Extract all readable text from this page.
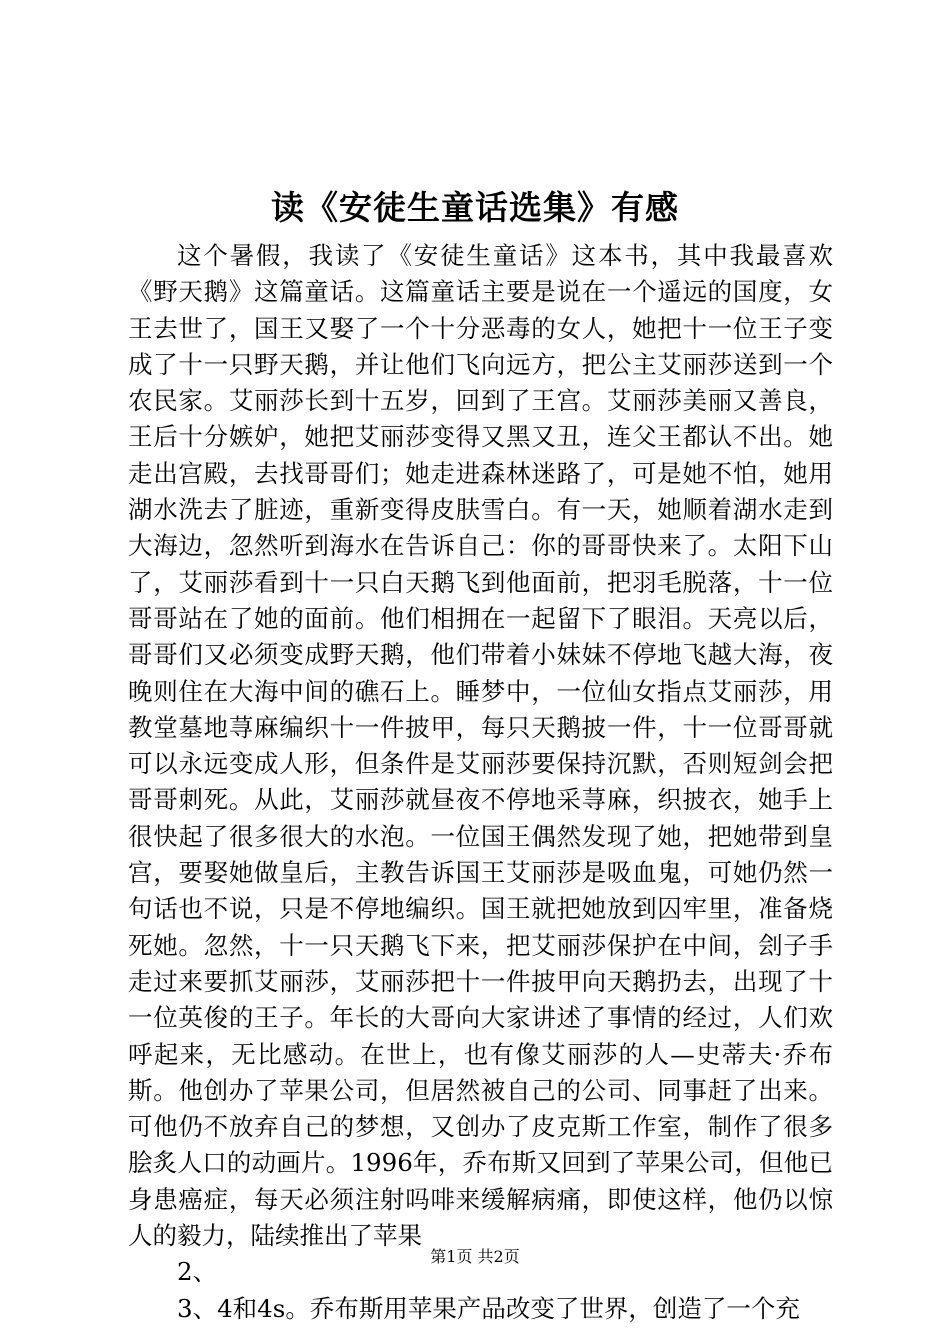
读《安徒生童话选集》有感

这个暑假，我读了《安徒生童话》这本书，其中我最喜欢《野天鹅》这篇童话。这篇童话主要是说在一个遥远的国度，女王去世了，国王又娶了一个十分恶毒的女人，她把十一位王子变成了十一只野天鹅，并让他们飞向远方，把公主艾丽莎送到一个农民家。艾丽莎长到十五岁，回到了王宫。艾丽莎美丽又善良，王后十分嫉妒，她把艾丽莎变得又黑又丑，连父王都认不出。她走出宫殿，去找哥哥们；她走进森林迷路了，可是她不怕，她用湖水洗去了脏迹，重新变得皮肤雪白。有一天，她顺着湖水走到大海边，忽然听到海水在告诉自己：你的哥哥快来了。太阳下山了，艾丽莎看到十一只白天鹅飞到他面前，把羽毛脱落，十一位哥哥站在了她的面前。他们相拥在一起留下了眼泪。天亮以后，哥哥们又必须变成野天鹅，他们带着小妹妹不停地飞越大海，夜晚则住在大海中间的礁石上。睡梦中，一位仙女指点艾丽莎，用教堂墓地荨麻编织十一件披甲，每只天鹅披一件，十一位哥哥就可以永远变成人形，但条件是艾丽莎要保持沉默，否则短剑会把哥哥刺死。从此，艾丽莎就昼夜不停地采荨麻，织披衣，她手上很快起了很多很大的水泡。一位国王偶然发现了她，把她带到皇宫，要娶她做皇后，主教告诉国王艾丽莎是吸血鬼，可她仍然一句话也不说，只是不停地编织。国王就把她放到囚牢里，准备烧死她。忽然，十一只天鹅飞下来，把艾丽莎保护在中间，刽子手走过来要抓艾丽莎，艾丽莎把十一件披甲向天鹅扔去，出现了十一位英俊的王子。年长的大哥向大家讲述了事情的经过，人们欢呼起来，无比感动。在世上，也有像艾丽莎的人—史蒂夫·乔布斯。他创办了苹果公司，但居然被自己的公司、同事赶了出来。可他仍不放弃自己的梦想，又创办了皮克斯工作室，制作了很多脍炙人口的动画片。1996年，乔布斯又回到了苹果公司，但他已身患癌症，每天必须注射吗啡来缓解病痛，即使这样，他仍以惊人的毅力，陆续推出了苹果

2、

3、4和4s。乔布斯用苹果产品改变了世界，创造了一个充

第1页 共2页
